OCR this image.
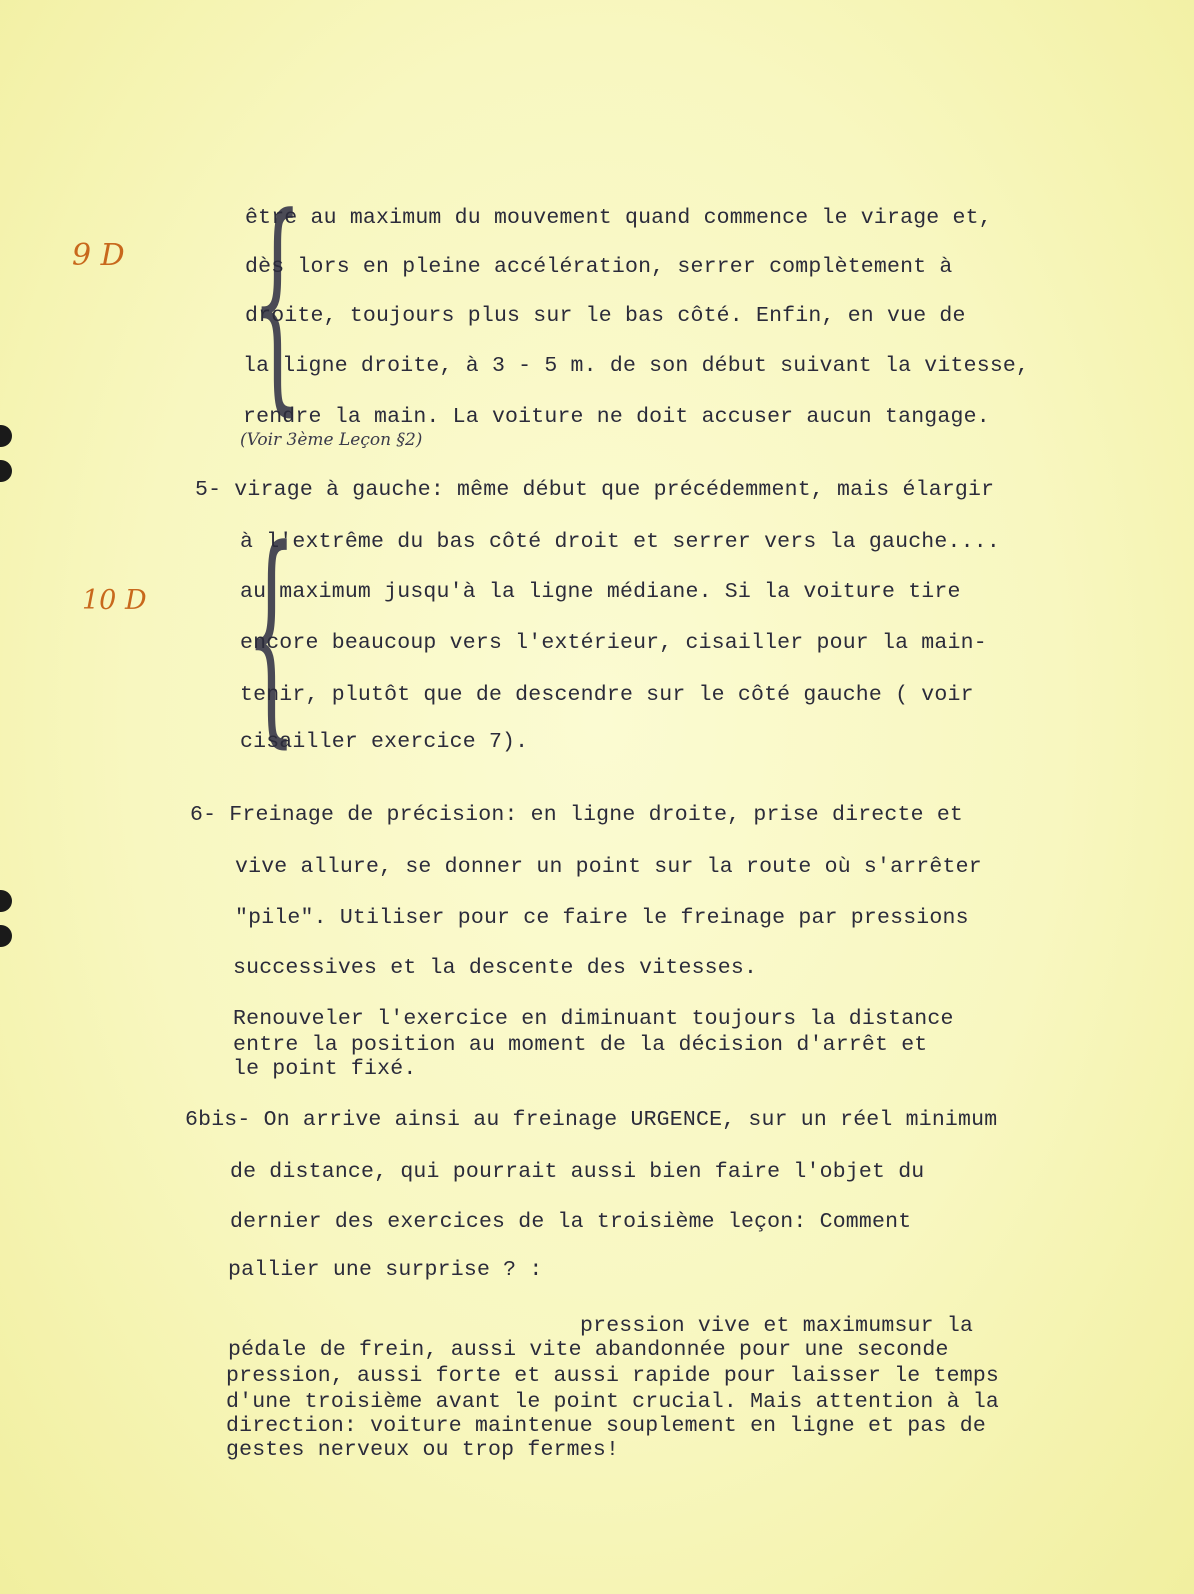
9 D
10 D
{
{
être au maximum du mouvement quand commence le virage et,
dès lors en pleine accélération, serrer complètement à
droite, toujours plus sur le bas côté. Enfin, en vue de
la ligne droite, à 3 - 5 m. de son début suivant la vitesse,
rendre la main. La voiture ne doit accuser aucun tangage.
(Voir 3ème Leçon §2)
5- virage à gauche: même début que précédemment, mais élargir
à l'extrême du bas côté droit et serrer vers la gauche....
au maximum jusqu'à la ligne médiane. Si la voiture tire
encore beaucoup vers l'extérieur, cisailler pour la main-
tenir, plutôt que de descendre sur le côté gauche ( voir
cisailler exercice 7).
6- Freinage de précision: en ligne droite, prise directe et
vive allure, se donner un point sur la route où s'arrêter
"pile". Utiliser pour ce faire le freinage par pressions
successives et la descente des vitesses.
Renouveler l'exercice en diminuant toujours la distance
entre la position au moment de la décision d'arrêt et
le point fixé.
6bis- On arrive ainsi au freinage URGENCE, sur un réel minimum
de distance, qui pourrait aussi bien faire l'objet du
dernier des exercices de la troisième leçon: Comment
pallier une surprise ? :
pression vive et maximumsur la
pédale de frein, aussi vite abandonnée pour une seconde
pression, aussi forte et aussi rapide pour laisser le temps
d'une troisième avant le point crucial. Mais attention à la
direction: voiture maintenue souplement en ligne et pas de
gestes nerveux ou trop fermes!
